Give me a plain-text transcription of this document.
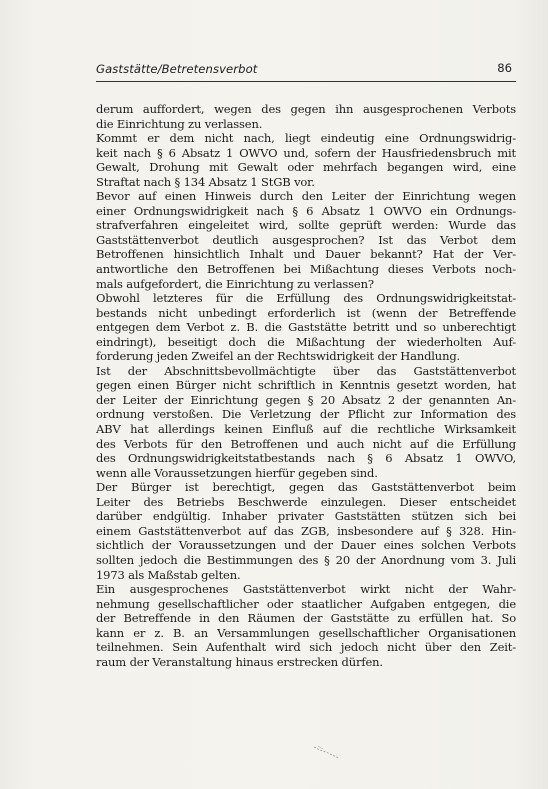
Gaststätte/Betretensverbot	86
derum auffordert, wegen des gegen ihn ausgesprochenen Verbots
die Einrichtung zu verlassen.
Kommt er dem nicht nach, liegt eindeutig eine Ordnungswidrig-
keit nach § 6 Absatz 1 OWVO und, sofern der Hausfriedensbruch mit
Gewalt, Drohung mit Gewalt oder mehrfach begangen wird, eine
Straftat nach § 134 Absatz 1 StGB vor.
Bevor auf einen Hinweis durch den Leiter der Einrichtung wegen
einer Ordnungswidrigkeit nach § 6 Absatz 1 OWVO ein Ordnungs-
strafverfahren eingeleitet wird, sollte geprüft werden: Wurde das
Gaststättenverbot deutlich ausgesprochen? Ist das Verbot dem
Betroffenen hinsichtlich Inhalt und Dauer bekannt? Hat der Ver-
antwortliche den Betroffenen bei Mißachtung dieses Verbots noch-
mals aufgefordert, die Einrichtung zu verlassen?
Obwohl letzteres für die Erfüllung des Ordnungswidrigkeitstat-
bestands nicht unbedingt erforderlich ist (wenn der Betreffende
entgegen dem Verbot z. B. die Gaststätte betritt und so unberechtigt
eindringt), beseitigt doch die Mißachtung der wiederholten Auf-
forderung jeden Zweifel an der Rechtswidrigkeit der Handlung.
Ist der Abschnittsbevollmächtigte über das Gaststättenverbot
gegen einen Bürger nicht schriftlich in Kenntnis gesetzt worden, hat
der Leiter der Einrichtung gegen § 20 Absatz 2 der genannten An-
ordnung verstoßen. Die Verletzung der Pflicht zur Information des
ABV hat allerdings keinen Einfluß auf die rechtliche Wirksamkeit
des Verbots für den Betroffenen und auch nicht auf die Erfüllung
des Ordnungswidrigkeitstatbestands nach § 6 Absatz 1 OWVO,
wenn alle Voraussetzungen hierfür gegeben sind.
Der Bürger ist berechtigt, gegen das Gaststättenverbot beim
Leiter des Betriebs Beschwerde einzulegen. Dieser entscheidet
darüber endgültig. Inhaber privater Gaststätten stützen sich bei
einem Gaststättenverbot auf das ZGB, insbesondere auf § 328. Hin-
sichtlich der Voraussetzungen und der Dauer eines solchen Verbots
sollten jedoch die Bestimmungen des § 20 der Anordnung vom 3. Juli
1973 als Maßstab gelten.
Ein ausgesprochenes Gaststättenverbot wirkt nicht der Wahr-
nehmung gesellschaftlicher oder staatlicher Aufgaben entgegen, die
der Betreffende in den Räumen der Gaststätte zu erfüllen hat. So
kann er z. B. an Versammlungen gesellschaftlicher Organisationen
teilnehmen. Sein Aufenthalt wird sich jedoch nicht über den Zeit-
raum der Veranstaltung hinaus erstrecken dürfen.
